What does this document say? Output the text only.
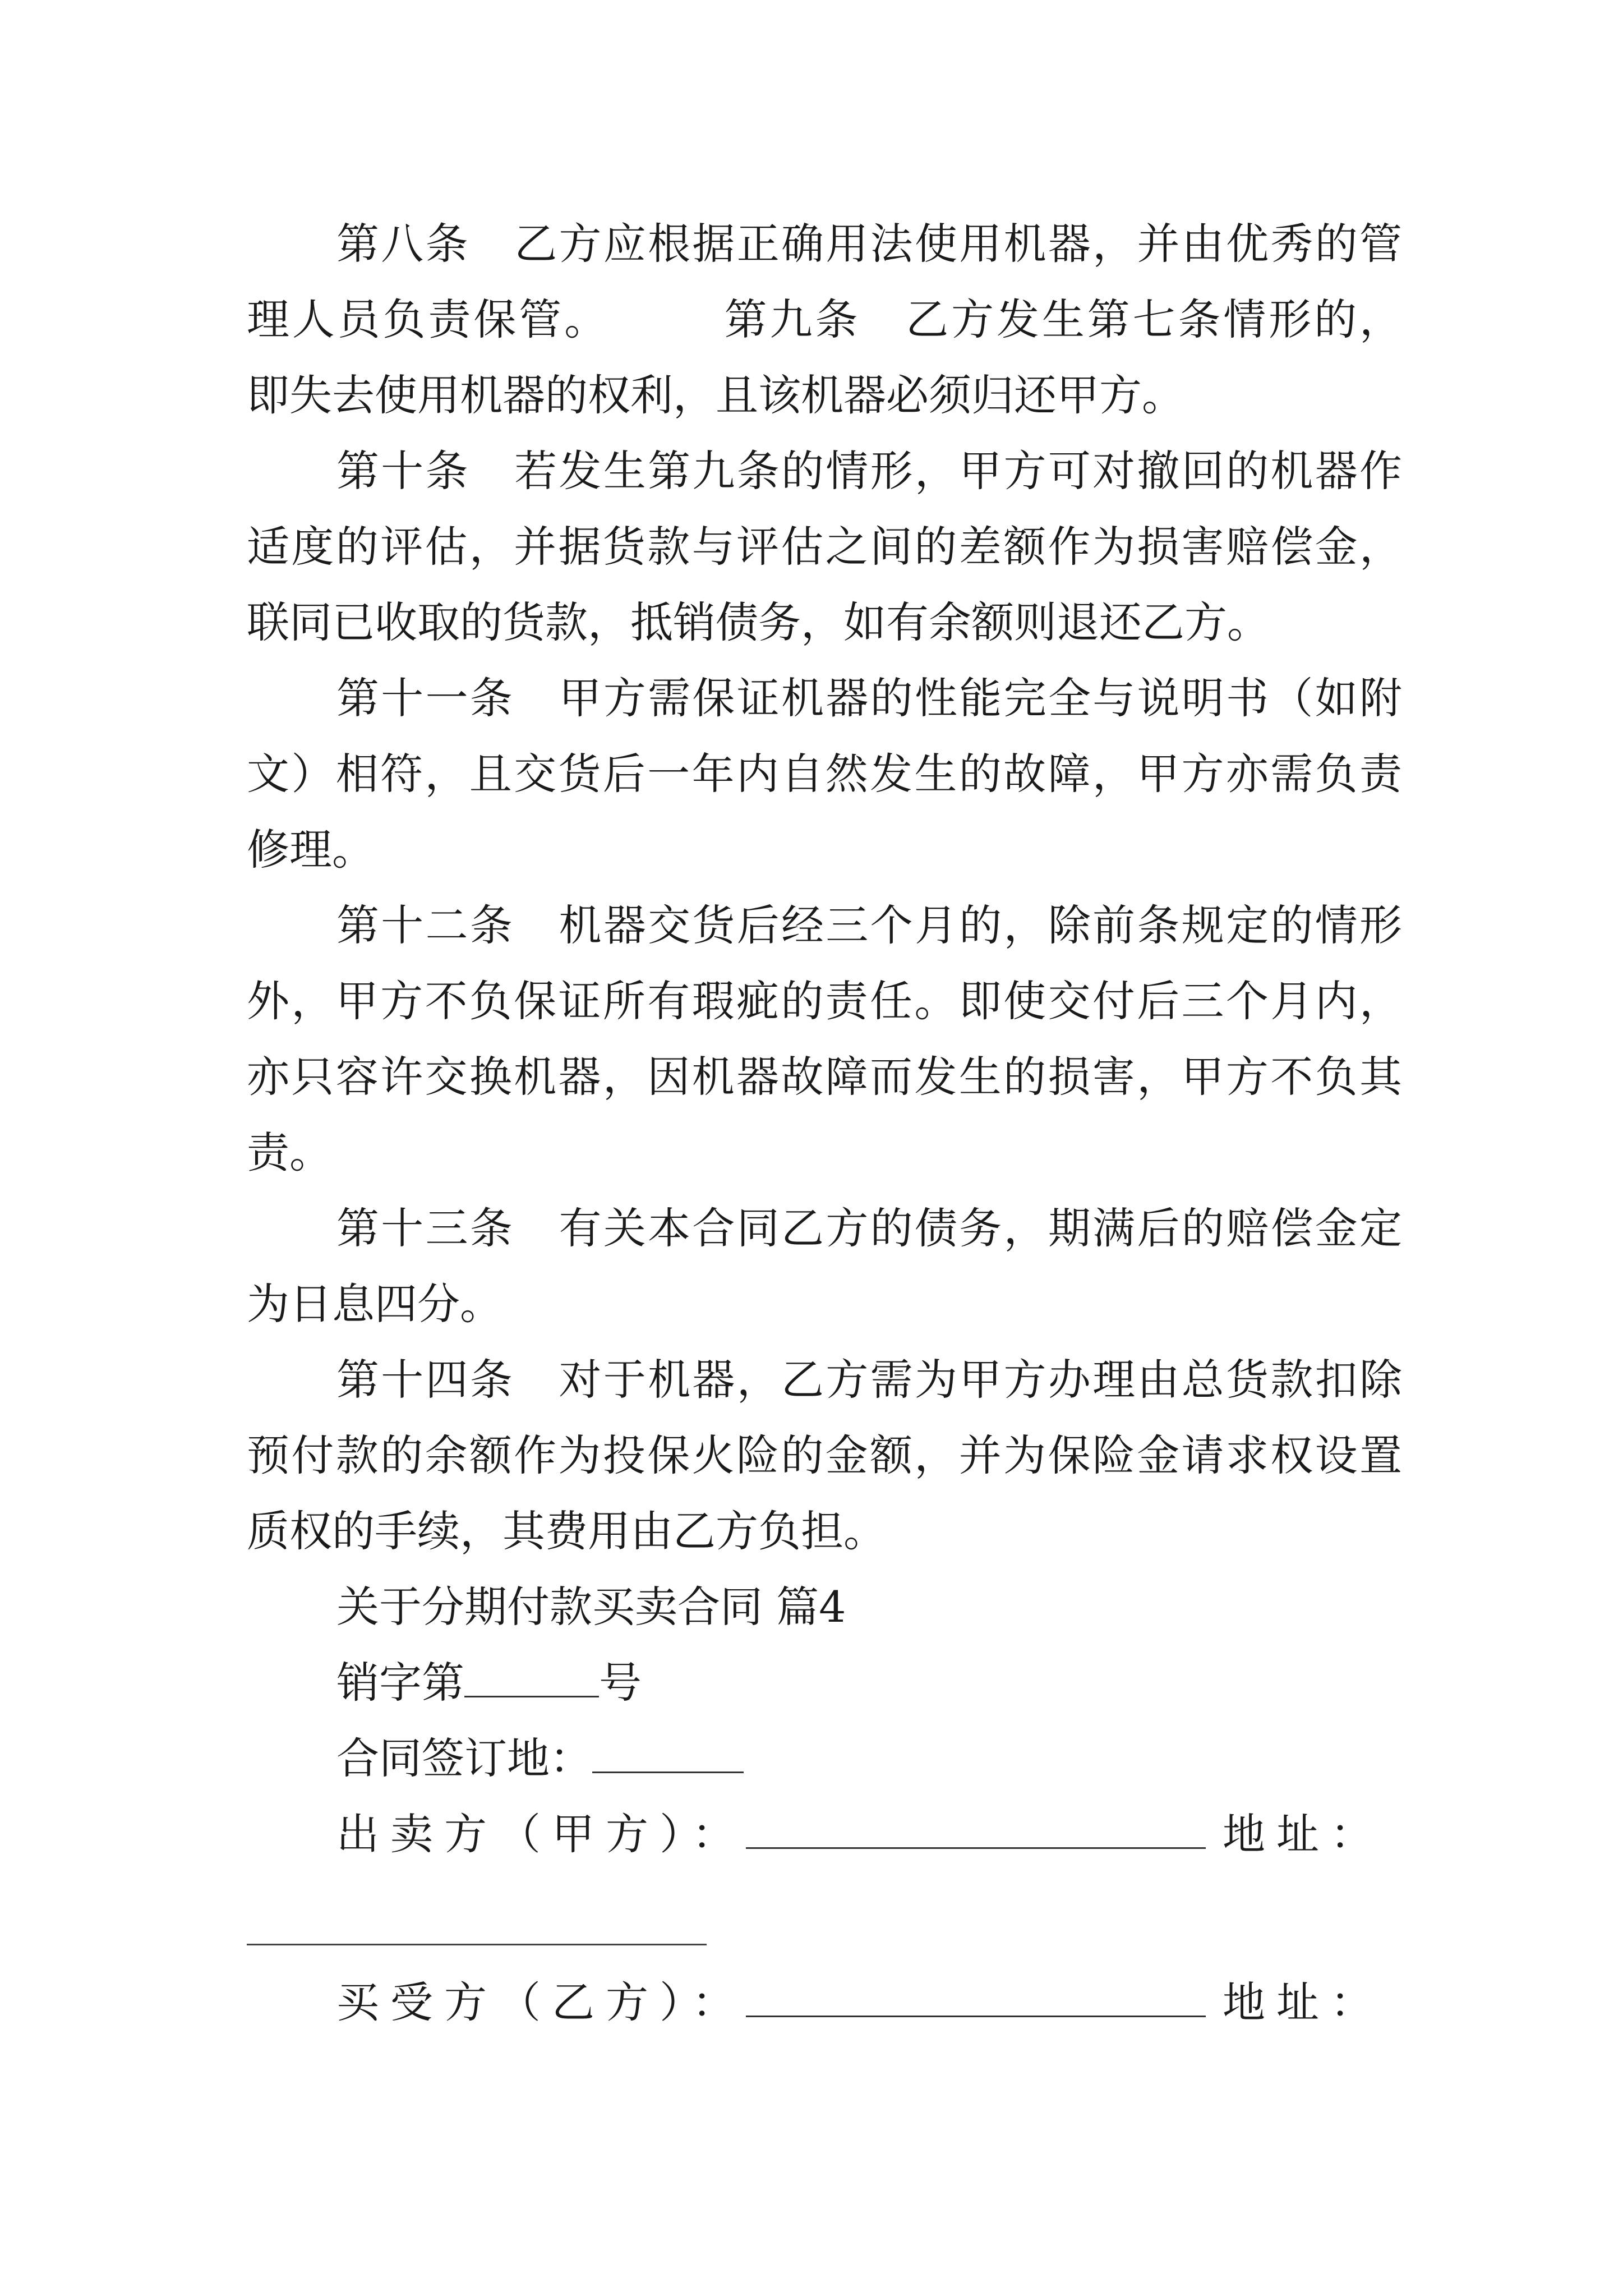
第八条　乙方应根据正确用法使用机器，并由优秀的管
理人员负责保管。　　　第九条　乙方发生第七条情形的，
即失去使用机器的权利，且该机器必须归还甲方。
第十条　若发生第九条的情形，甲方可对撤回的机器作
适度的评估，并据货款与评估之间的差额作为损害赔偿金，
联同已收取的货款，抵销债务，如有余额则退还乙方。
第十一条　甲方需保证机器的性能完全与说明书（如附
文）相符，且交货后一年内自然发生的故障，甲方亦需负责
修理。
第十二条　机器交货后经三个月的，除前条规定的情形
外，甲方不负保证所有瑕疵的责任。即使交付后三个月内，
亦只容许交换机器，因机器故障而发生的损害，甲方不负其
责。
第十三条　有关本合同乙方的债务，期满后的赔偿金定
为日息四分。
第十四条　对于机器，乙方需为甲方办理由总货款扣除
预付款的余额作为投保火险的金额，并为保险金请求权设置
质权的手续，其费用由乙方负担。
关于分期付款买卖合同 篇4
销字第	号
合同签订地：
出卖方（甲方）：	地址：
买受方（乙方）：	地址：
